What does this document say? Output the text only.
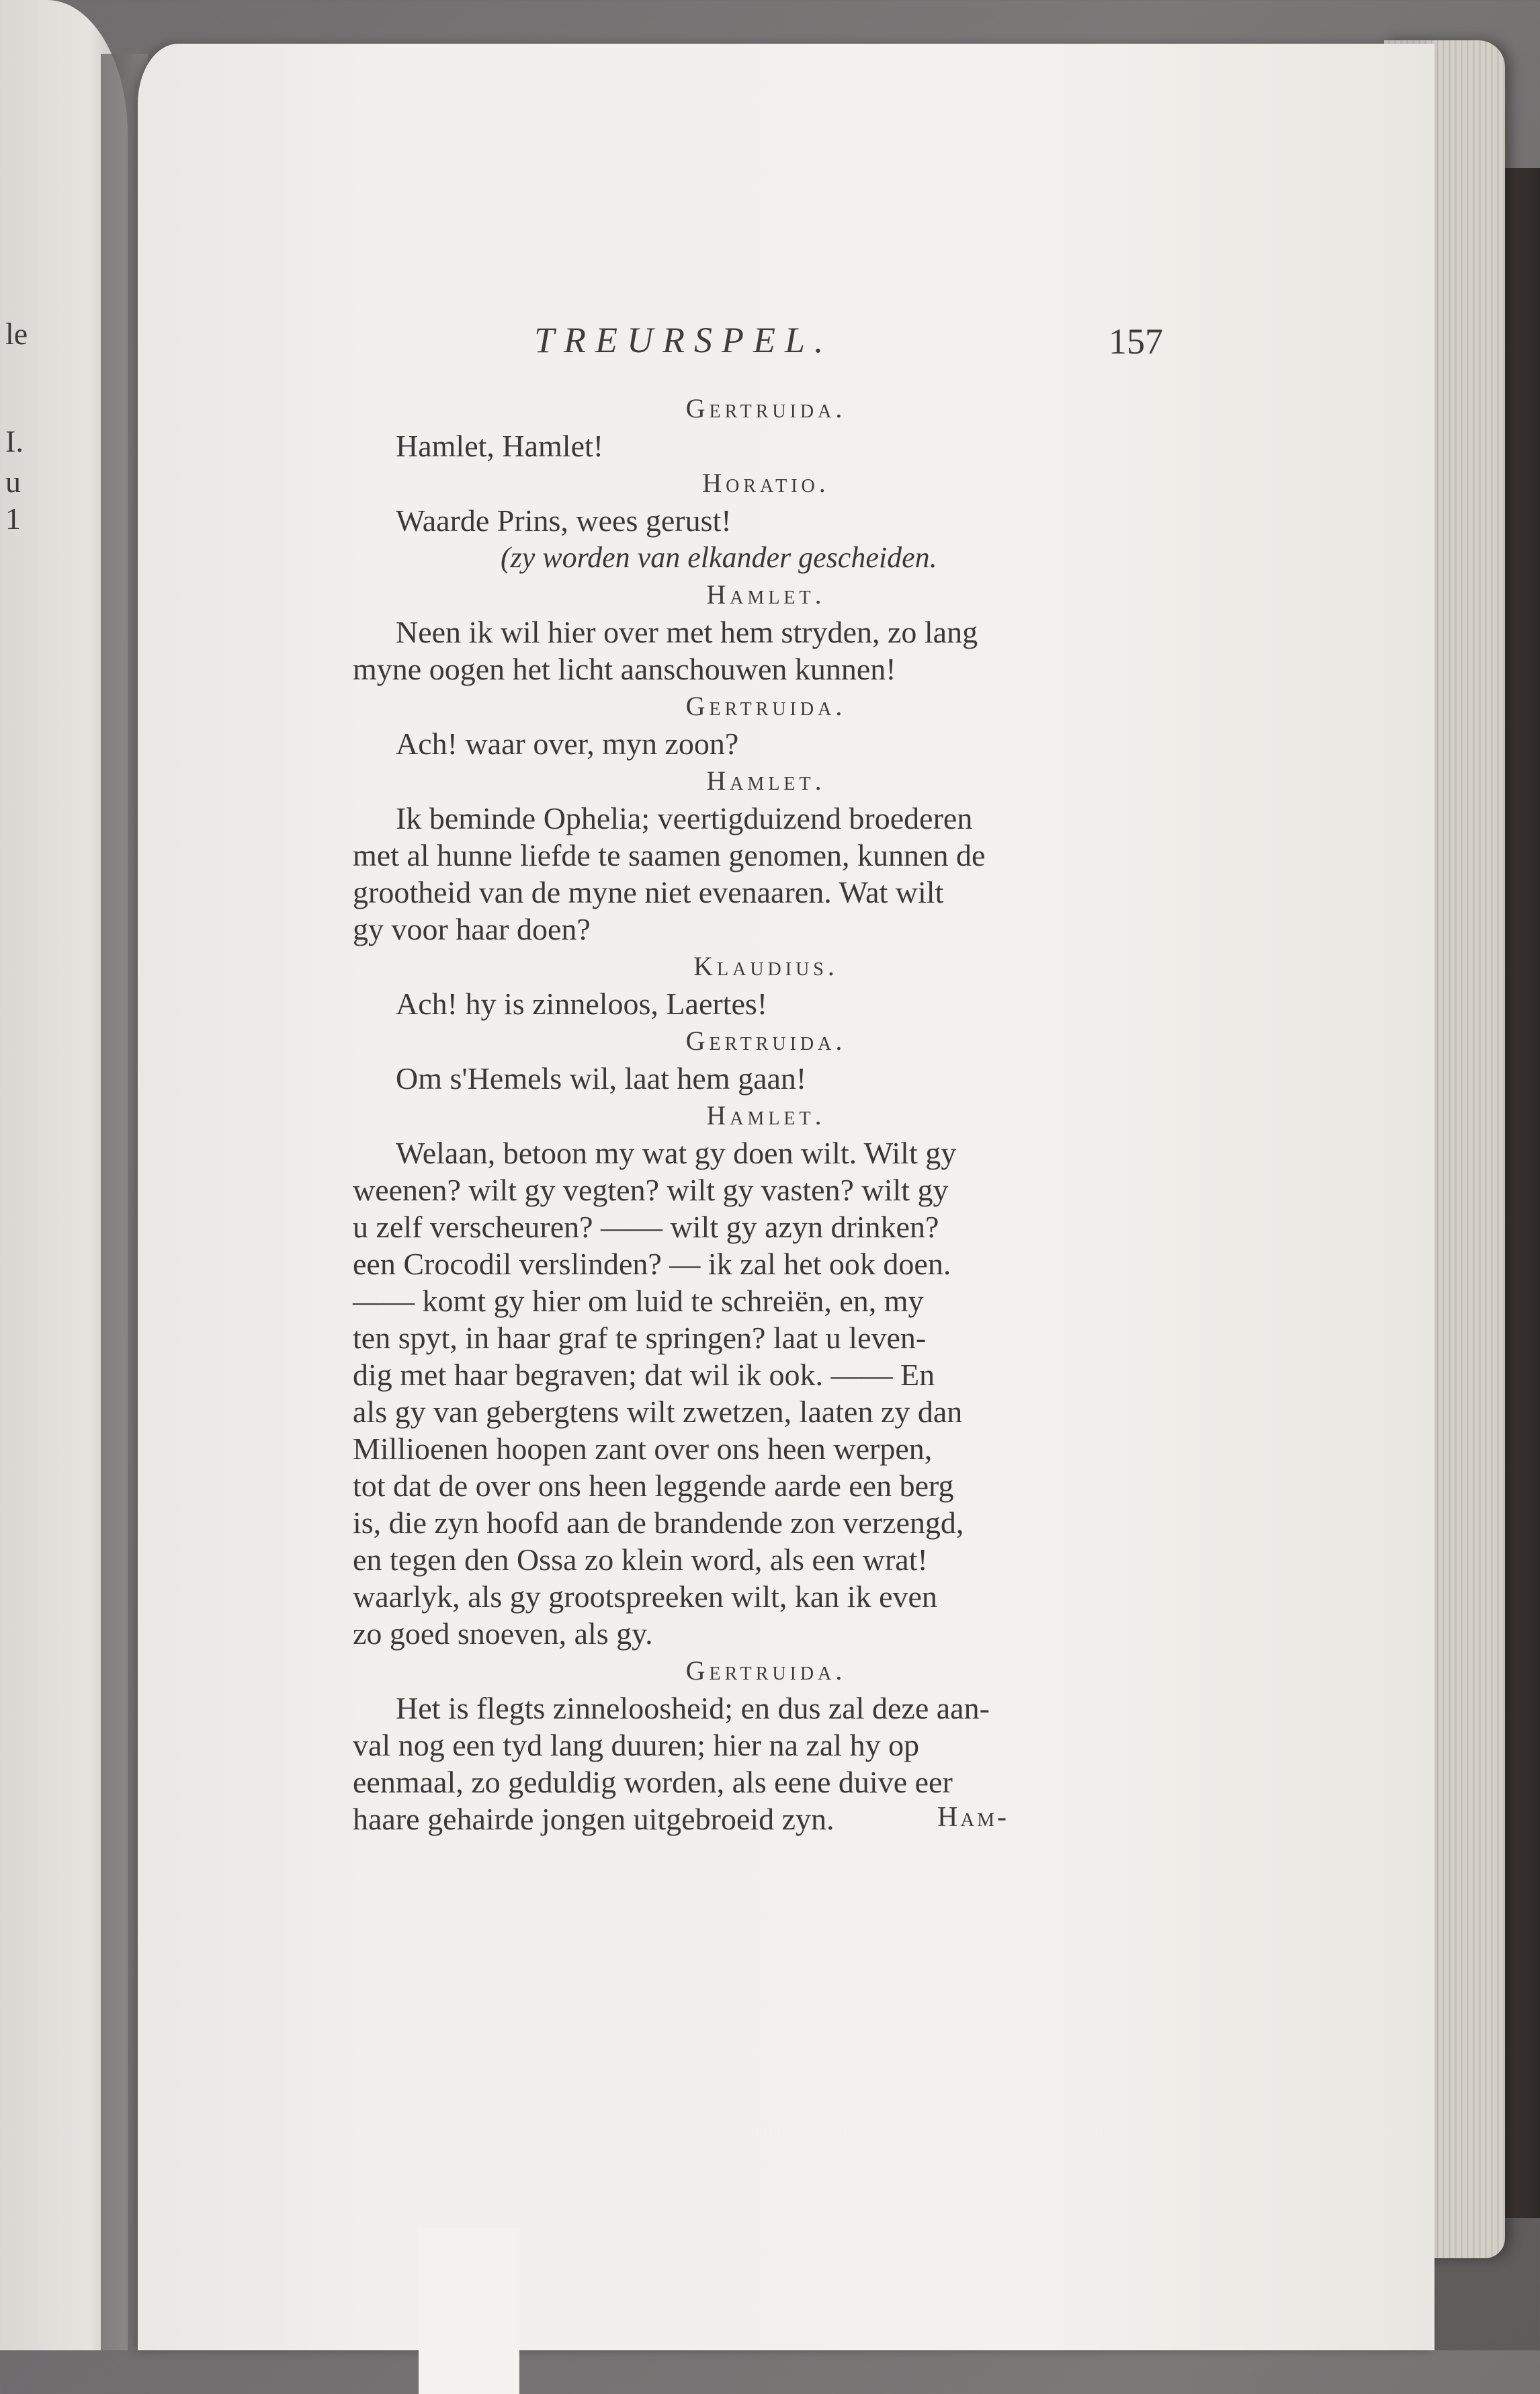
le
I.
u
1
TREURSPEL.	157
Gertruida.
Hamlet, Hamlet!
Horatio.
Waarde Prins, wees gerust!
(zy worden van elkander gescheiden.
Hamlet.
Neen ik wil hier over met hem stryden, zo lang
myne oogen het licht aanschouwen kunnen!
Gertruida.
Ach! waar over, myn zoon?
Hamlet.
Ik beminde Ophelia; veertigduizend broederen
met al hunne liefde te saamen genomen, kunnen de
grootheid van de myne niet evenaaren. Wat wilt
gy voor haar doen?
Klaudius.
Ach! hy is zinneloos, Laertes!
Gertruida.
Om s'Hemels wil, laat hem gaan!
Hamlet.
Welaan, betoon my wat gy doen wilt. Wilt gy
weenen? wilt gy vegten? wilt gy vasten? wilt gy
u zelf verscheuren? —— wilt gy azyn drinken?
een Crocodil verslinden? — ik zal het ook doen.
—— komt gy hier om luid te schreiën, en, my
ten spyt, in haar graf te springen? laat u leven-
dig met haar begraven; dat wil ik ook. —— En
als gy van gebergtens wilt zwetzen, laaten zy dan
Millioenen hoopen zant over ons heen werpen,
tot dat de over ons heen leggende aarde een berg
is, die zyn hoofd aan de brandende zon verzengd,
en tegen den Ossa zo klein word, als een wrat!
waarlyk, als gy grootspreeken wilt, kan ik even
zo goed snoeven, als gy.
Gertruida.
Het is flegts zinneloosheid; en dus zal deze aan-
val nog een tyd lang duuren; hier na zal hy op
eenmaal, zo geduldig worden, als eene duive eer
haare gehairde jongen uitgebroeid zyn.	Ham-
